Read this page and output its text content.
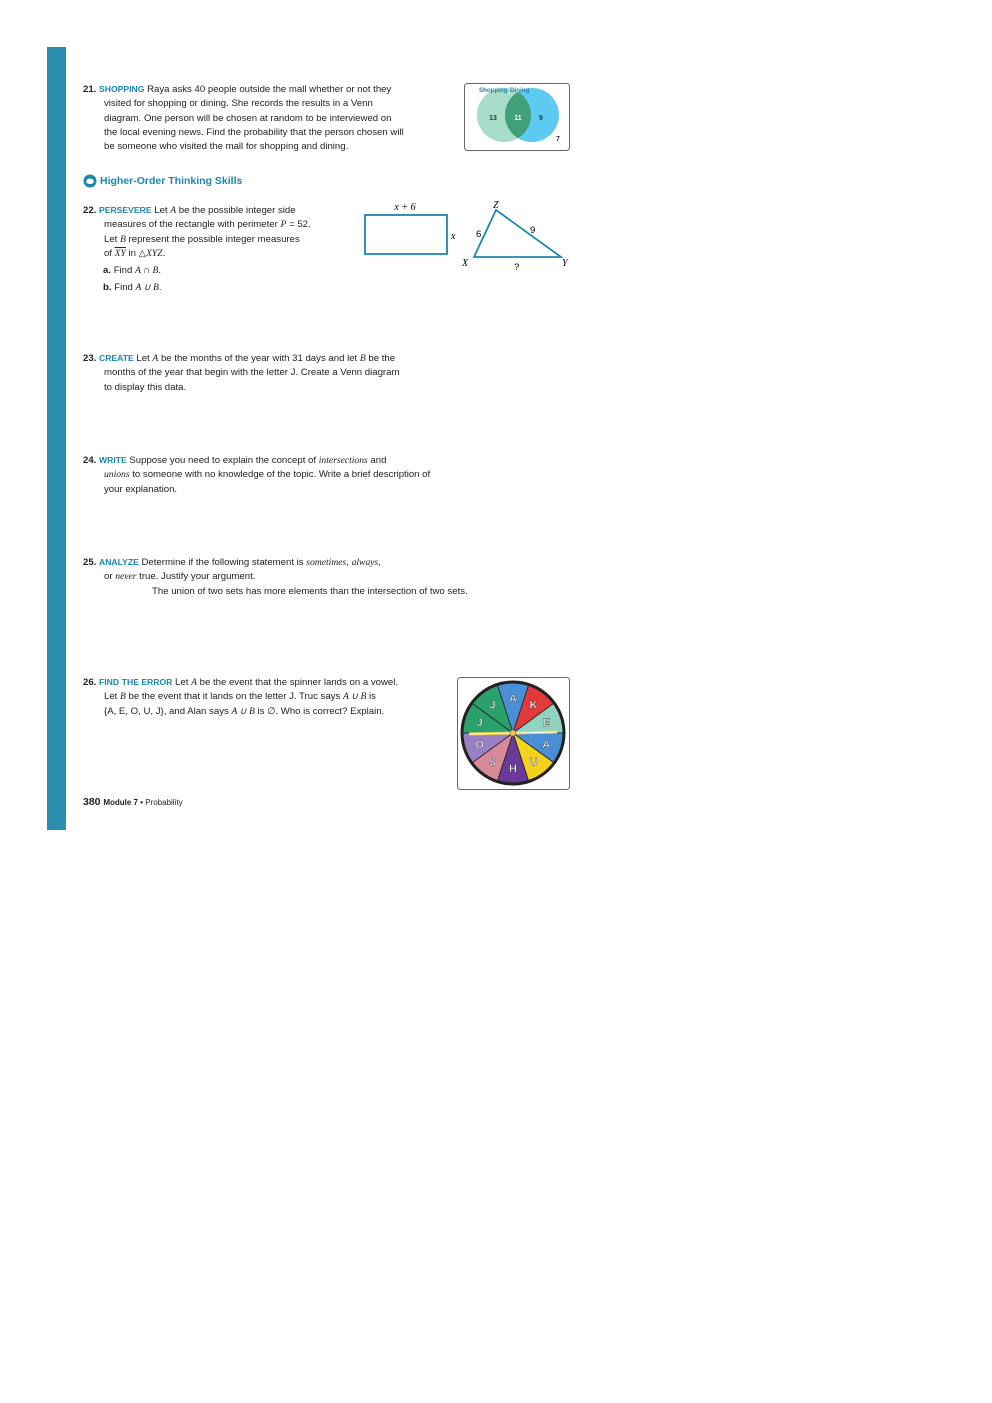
21. SHOPPING Raya asks 40 people outside the mall whether or not they
visited for shopping or dining. She records the results in a Venn
diagram. One person will be chosen at random to be interviewed on
the local evening news. Find the probability that the person chosen will
be someone who visited the mall for shopping and dining.
Shopping Dining
13 11 9
7
Higher-Order Thinking Skills
22. PERSEVERE Let A be the possible integer side
measures of the rectangle with perimeter P = 52.
Let B represent the possible integer measures
of $\overline{XY}$ in △XYZ.
a. Find A ∩ B.
b. Find A ∪ B.
x + 6
x
Z
X	Y
6	9
?
23. CREATE Let A be the months of the year with 31 days and let B be the
months of the year that begin with the letter J. Create a Venn diagram
to display this data.
24. WRITE Suppose you need to explain the concept of intersections and
unions to someone with no knowledge of the topic. Write a brief description of
your explanation.
25. ANALYZE Determine if the following statement is sometimes, always,
or never true. Justify your argument.
The union of two sets has more elements than the intersection of two sets.
26. FIND THE ERROR Let A be the event that the spinner lands on a vowel.
Let B be the event that it lands on the letter J. Truc says A ∪ B is
{A, E, O, U, J}, and Alan says A ∪ B is ∅. Who is correct? Explain.
A
K
E
A
U
H
S
O
J
J
380 Module 7 • Probability
